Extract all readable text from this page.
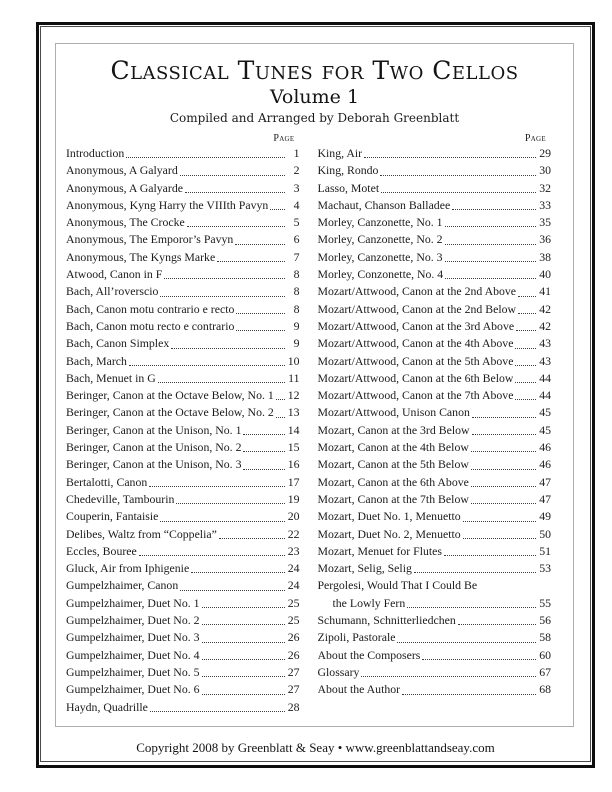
Classical Tunes for Two Cellos
Volume 1
Compiled and Arranged by Deborah Greenblatt
Page
Introduction	1
Anonymous, A Galyard	2
Anonymous, A Galyarde	3
Anonymous, Kyng Harry the VIIIth Pavyn	4
Anonymous, The Crocke	5
Anonymous, The Emporor’s Pavyn	6
Anonymous, The Kyngs Marke	7
Atwood, Canon in F	8
Bach, All’roverscio	8
Bach, Canon motu contrario e recto	8
Bach, Canon motu recto e contrario	9
Bach, Canon Simplex	9
Bach, March	10
Bach, Menuet in G	11
Beringer, Canon at the Octave Below, No. 1 12
Beringer, Canon at the Octave Below, No. 2 13
Beringer, Canon at the Unison, No. 1	14
Beringer, Canon at the Unison, No. 2	15
Beringer, Canon at the Unison, No. 3	16
Bertalotti, Canon	17
Chedeville, Tambourin	19
Couperin, Fantaisie	20
Delibes, Waltz from “Coppelia”	22
Eccles, Bouree	23
Gluck, Air from Iphigenie	24
Gumpelzhaimer, Canon	24
Gumpelzhaimer, Duet No. 1	25
Gumpelzhaimer, Duet No. 2	25
Gumpelzhaimer, Duet No. 3	26
Gumpelzhaimer, Duet No. 4	26
Gumpelzhaimer, Duet No. 5	27
Gumpelzhaimer, Duet No. 6	27
Haydn, Quadrille	28
Page
King, Air	29
King, Rondo	30
Lasso, Motet	32
Machaut, Chanson Balladee	33
Morley, Canzonette, No. 1	35
Morley, Canzonette, No. 2	36
Morley, Canzonette, No. 3	38
Morley, Conzonette, No. 4	40
Mozart/Attwood, Canon at the 2nd Above 41
Mozart/Attwood, Canon at the 2nd Below 42
Mozart/Attwood, Canon at the 3rd Above 42
Mozart/Attwood, Canon at the 4th Above 43
Mozart/Attwood, Canon at the 5th Above 43
Mozart/Attwood, Canon at the 6th Below 44
Mozart/Attwood, Canon at the 7th Above 44
Mozart/Attwood, Unison Canon	45
Mozart, Canon at the 3rd Below	45
Mozart, Canon at the 4th Below	46
Mozart, Canon at the 5th Below	46
Mozart, Canon at the 6th Above	47
Mozart, Canon at the 7th Below	47
Mozart, Duet No. 1, Menuetto	49
Mozart, Duet No. 2, Menuetto	50
Mozart, Menuet for Flutes	51
Mozart, Selig, Selig	53
Pergolesi, Would That I Could Be
the Lowly Fern	55
Schumann, Schnitterliedchen	56
Zipoli, Pastorale	58
About the Composers	60
Glossary	67
About the Author	68
Copyright 2008 by Greenblatt & Seay • www.greenblattandseay.com
